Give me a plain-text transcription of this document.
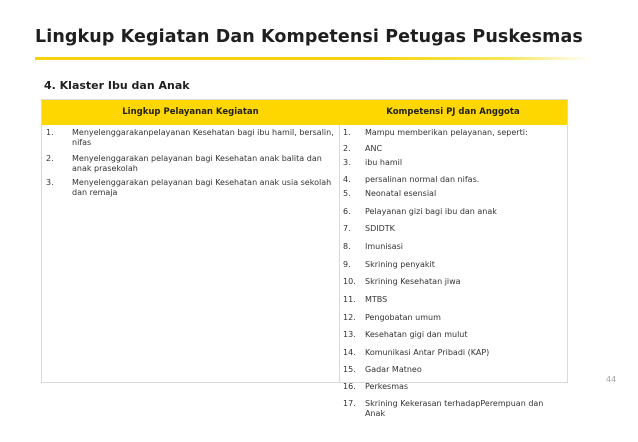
Lingkup Kegiatan Dan Kompetensi Petugas Puskesmas
4. Klaster Ibu dan Anak
Lingkup Pelayanan Kegiatan	Kompetensi PJ dan Anggota
1. Menyelenggarakanpelayanan Kesehatan bagi ibu hamil, bersalin, nifas
2. Menyelenggarakan pelayanan bagi Kesehatan anak balita dan anak prasekolah
3. Menyelenggarakan pelayanan bagi Kesehatan anak usia sekolah dan remaja
1. Mampu memberikan pelayanan, seperti:
2. ANC
3. ibu hamil
4. persalinan normal dan nifas.
5. Neonatal esensial
6. Pelayanan gizi bagi ibu dan anak
7. SDIDTK
8. Imunisasi
9. Skrining penyakit
10. Skrining Kesehatan jiwa
11. MTBS
12. Pengobatan umum
13. Kesehatan gigi dan mulut
14. Komunikasi Antar Pribadi (KAP)
15. Gadar Matneo
16. Perkesmas
17. Skrining Kekerasan terhadapPerempuan dan Anak
44
